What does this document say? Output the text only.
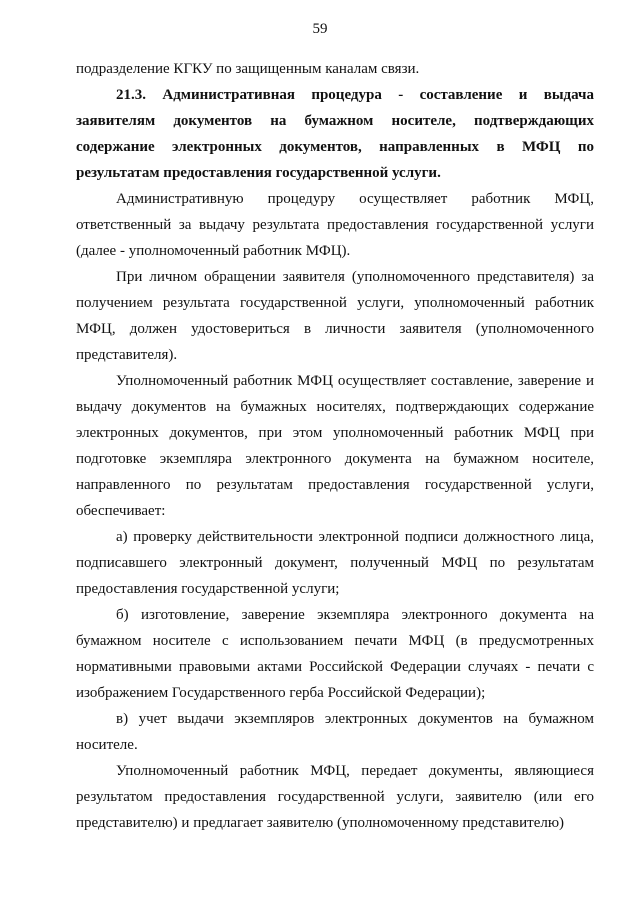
59

подразделение КГКУ по защищенным каналам связи.

21.3. Административная процедура - составление и выдача заявителям документов на бумажном носителе, подтверждающих содержание электронных документов, направленных в МФЦ по результатам предоставления государственной услуги.

Административную процедуру осуществляет работник МФЦ, ответственный за выдачу результата предоставления государственной услуги (далее - уполномоченный работник МФЦ).

При личном обращении заявителя (уполномоченного представителя) за получением результата государственной услуги, уполномоченный работник МФЦ, должен удостовериться в личности заявителя (уполномоченного представителя).

Уполномоченный работник МФЦ осуществляет составление, заверение и выдачу документов на бумажных носителях, подтверждающих содержание электронных документов, при этом уполномоченный работник МФЦ при подготовке экземпляра электронного документа на бумажном носителе, направленного по результатам предоставления государственной услуги, обеспечивает:

а) проверку действительности электронной подписи должностного лица, подписавшего электронный документ, полученный МФЦ по результатам предоставления государственной услуги;

б) изготовление, заверение экземпляра электронного документа на бумажном носителе с использованием печати МФЦ (в предусмотренных нормативными правовыми актами Российской Федерации случаях - печати с изображением Государственного герба Российской Федерации);

в) учет выдачи экземпляров электронных документов на бумажном носителе.

Уполномоченный работник МФЦ, передает документы, являющиеся результатом предоставления государственной услуги, заявителю (или его представителю) и предлагает заявителю (уполномоченному представителю)
